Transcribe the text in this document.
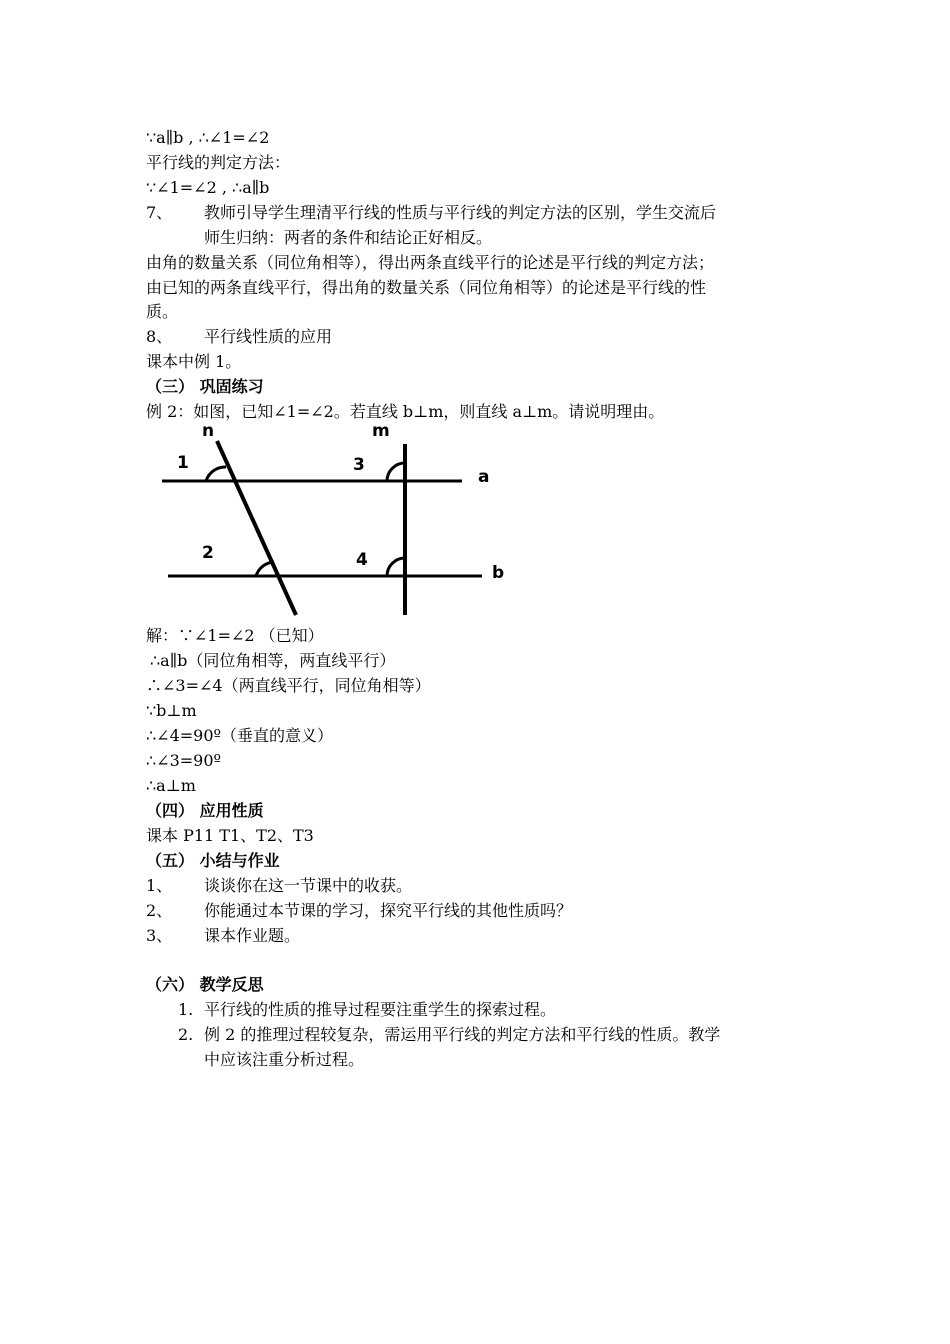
∵a∥b , ∴∠1=∠2
平行线的判定方法：
∵∠1=∠2 , ∴a∥b
7、 教师引导学生理清平行线的性质与平行线的判定方法的区别，学生交流后
师生归纳：两者的条件和结论正好相反。
由角的数量关系（同位角相等），得出两条直线平行的论述是平行线的判定方法；
由已知的两条直线平行，得出角的数量关系（同位角相等）的论述是平行线的性
质。
8、 平行线性质的应用
课本中例 1。
（三） 巩固练习
例 2：如图，已知∠1=∠2。若直线 b⊥m，则直线 a⊥m。请说明理由。
n	m
a
b
1
2
3
4
解：∵∠1=∠2 （已知）
∴a∥b（同位角相等，两直线平行）
∴∠3=∠4（两直线平行，同位角相等）
∵b⊥m
∴∠4=90º（垂直的意义）
∴∠3=90º
∴a⊥m
（四） 应用性质
课本 P11 T1、T2、T3
（五） 小结与作业
1、 谈谈你在这一节课中的收获。
2、 你能通过本节课的学习，探究平行线的其他性质吗？
3、 课本作业题。
（六） 教学反思
1. 平行线的性质的推导过程要注重学生的探索过程。
2. 例 2 的推理过程较复杂，需运用平行线的判定方法和平行线的性质。教学
中应该注重分析过程。
